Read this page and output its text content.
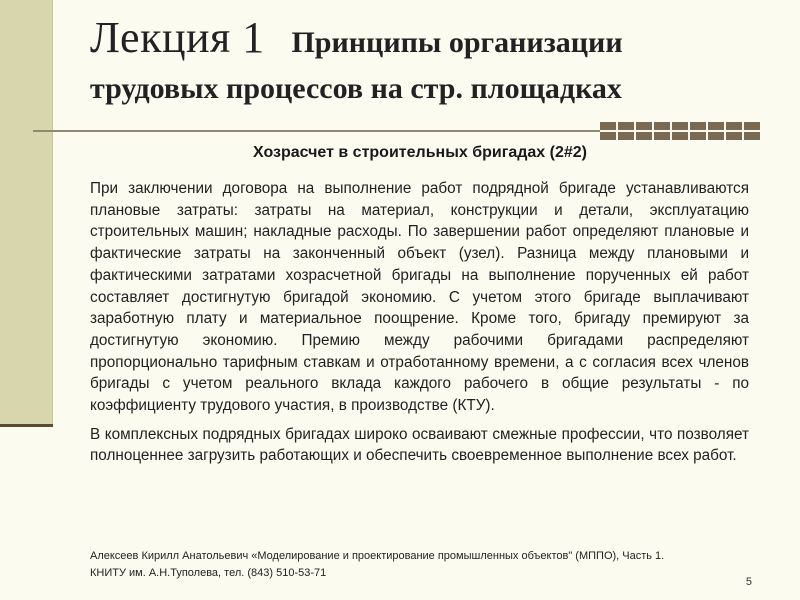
Лекция 1 Принципы организации
трудовых процессов на стр. площадках
Хозрасчет в строительных бригадах (2#2)

При заключении договора на выполнение работ подрядной бригаде устанавливаются плановые затраты: затраты на материал, конструкции и детали, эксплуатацию строительных машин; накладные расходы. По завершении работ определяют плановые и фактические затраты на законченный объект (узел). Разница между плановыми и фактическими затратами хозрасчетной бригады на выполнение порученных ей работ составляет достигнутую бригадой экономию. С учетом этого бригаде выплачивают заработную плату и материальное поощрение. Кроме того, бригаду премируют за достигнутую экономию. Премию между рабочими бригадами распределяют пропорционально тарифным ставкам и отработанному времени, а с согласия всех членов бригады с учетом реального вклада каждого рабочего в общие результаты - по коэффициенту трудового участия, в производстве (КТУ).

В комплексных подрядных бригадах широко осваивают смежные профессии, что позволяет полноценнее загрузить работающих и обеспечить своевременное выполнение всех работ.

Алексеев Кирилл Анатольевич «Моделирование и проектирование промышленных объектов" (МППО), Часть 1.
КНИТУ им. А.Н.Туполева, тел. (843) 510-53-71
5
